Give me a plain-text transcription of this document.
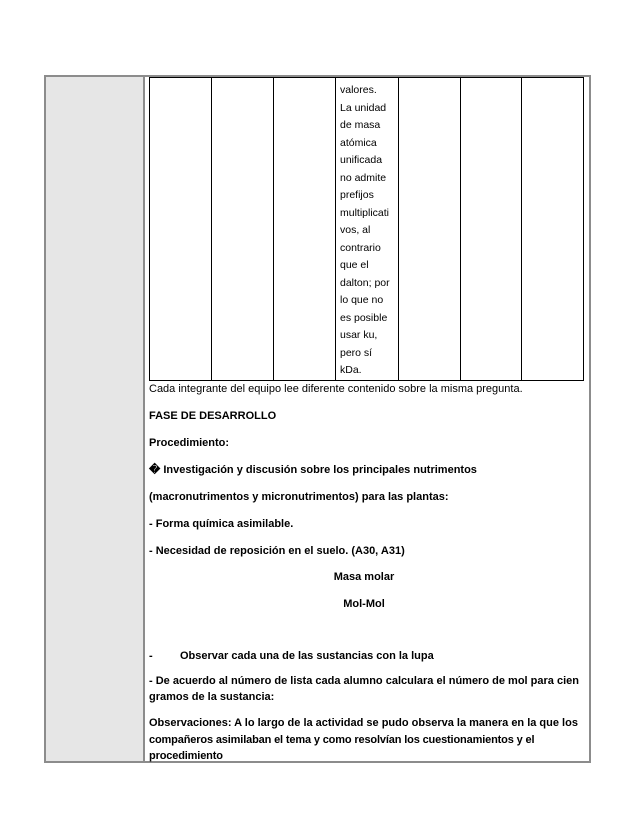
valores.
La unidad
de masa
atómica
unificada
no admite
prefijos
multiplicati
vos, al
contrario
que el
dalton; por
lo que no
es posible
usar ku,
pero sí
kDa.

Cada integrante del equipo lee diferente contenido sobre la misma pregunta.
FASE DE DESARROLLO
Procedimiento:
� Investigación y discusión sobre los principales nutrimentos
(macronutrimentos y micronutrimentos) para las plantas:
- Forma química asimilable.
- Necesidad de reposición en el suelo. (A30, A31)
Masa molar
Mol-Mol
- Observar cada una de las sustancias con la lupa
- De acuerdo al número de lista cada alumno calculara el número de mol para cien
gramos de la sustancia:
Observaciones: A lo largo de la actividad se pudo observa la manera en la que los
compañeros asimilaban el tema y como resolvían los cuestionamientos y el procedimiento
